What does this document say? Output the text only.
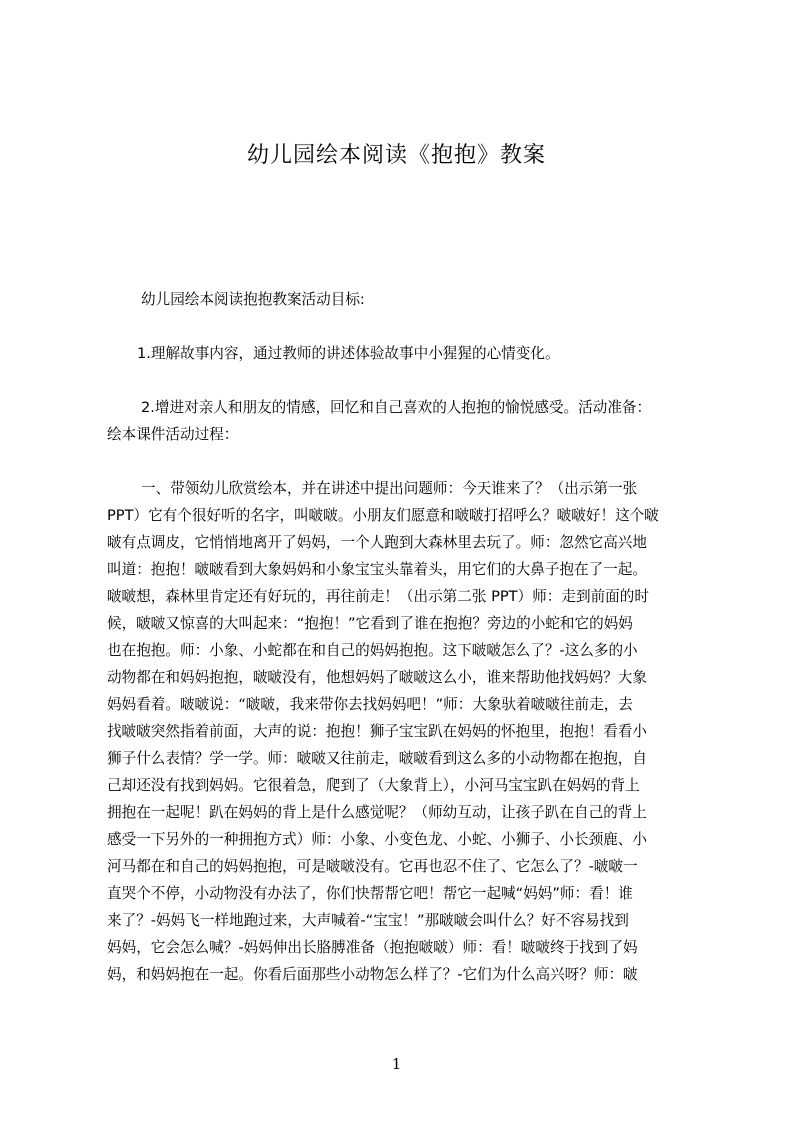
幼儿园绘本阅读《抱抱》教案
幼儿园绘本阅读抱抱教案活动目标:
1.理解故事内容，通过教师的讲述体验故事中小猩猩的心情变化。
2.增进对亲人和朋友的情感，回忆和自己喜欢的人抱抱的愉悦感受。活动准备：
绘本课件活动过程：
一、带领幼儿欣赏绘本，并在讲述中提出问题师：今天谁来了？（出示第一张
PPT）它有个很好听的名字，叫啵啵。小朋友们愿意和啵啵打招呼么？啵啵好！这个啵
啵有点调皮，它悄悄地离开了妈妈，一个人跑到大森林里去玩了。师：忽然它高兴地
叫道：抱抱！啵啵看到大象妈妈和小象宝宝头靠着头，用它们的大鼻子抱在了一起。
啵啵想，森林里肯定还有好玩的，再往前走！（出示第二张 PPT）师：走到前面的时
候，啵啵又惊喜的大叫起来：“抱抱！”它看到了谁在抱抱？旁边的小蛇和它的妈妈
也在抱抱。师：小象、小蛇都在和自己的妈妈抱抱。这下啵啵怎么了？-这么多的小
动物都在和妈妈抱抱，啵啵没有，他想妈妈了啵啵这么小，谁来帮助他找妈妈？大象
妈妈看着。啵啵说：“啵啵，我来带你去找妈妈吧！”师：大象驮着啵啵往前走，去
找啵啵突然指着前面，大声的说：抱抱！狮子宝宝趴在妈妈的怀抱里，抱抱！看看小
狮子什么表情？学一学。师：啵啵又往前走，啵啵看到这么多的小动物都在抱抱，自
己却还没有找到妈妈。它很着急，爬到了（大象背上），小河马宝宝趴在妈妈的背上
拥抱在一起呢！趴在妈妈的背上是什么感觉呢？（师幼互动，让孩子趴在自己的背上
感受一下另外的一种拥抱方式）师：小象、小变色龙、小蛇、小狮子、小长颈鹿、小
河马都在和自己的妈妈抱抱，可是啵啵没有。它再也忍不住了、它怎么了？-啵啵一
直哭个不停，小动物没有办法了，你们快帮帮它吧！帮它一起喊“妈妈”师：看！谁
来了？-妈妈飞一样地跑过来，大声喊着-“宝宝！”那啵啵会叫什么？好不容易找到
妈妈，它会怎么喊？-妈妈伸出长胳膊准备（抱抱啵啵）师：看！啵啵终于找到了妈
妈，和妈妈抱在一起。你看后面那些小动物怎么样了？-它们为什么高兴呀？师：啵
1
